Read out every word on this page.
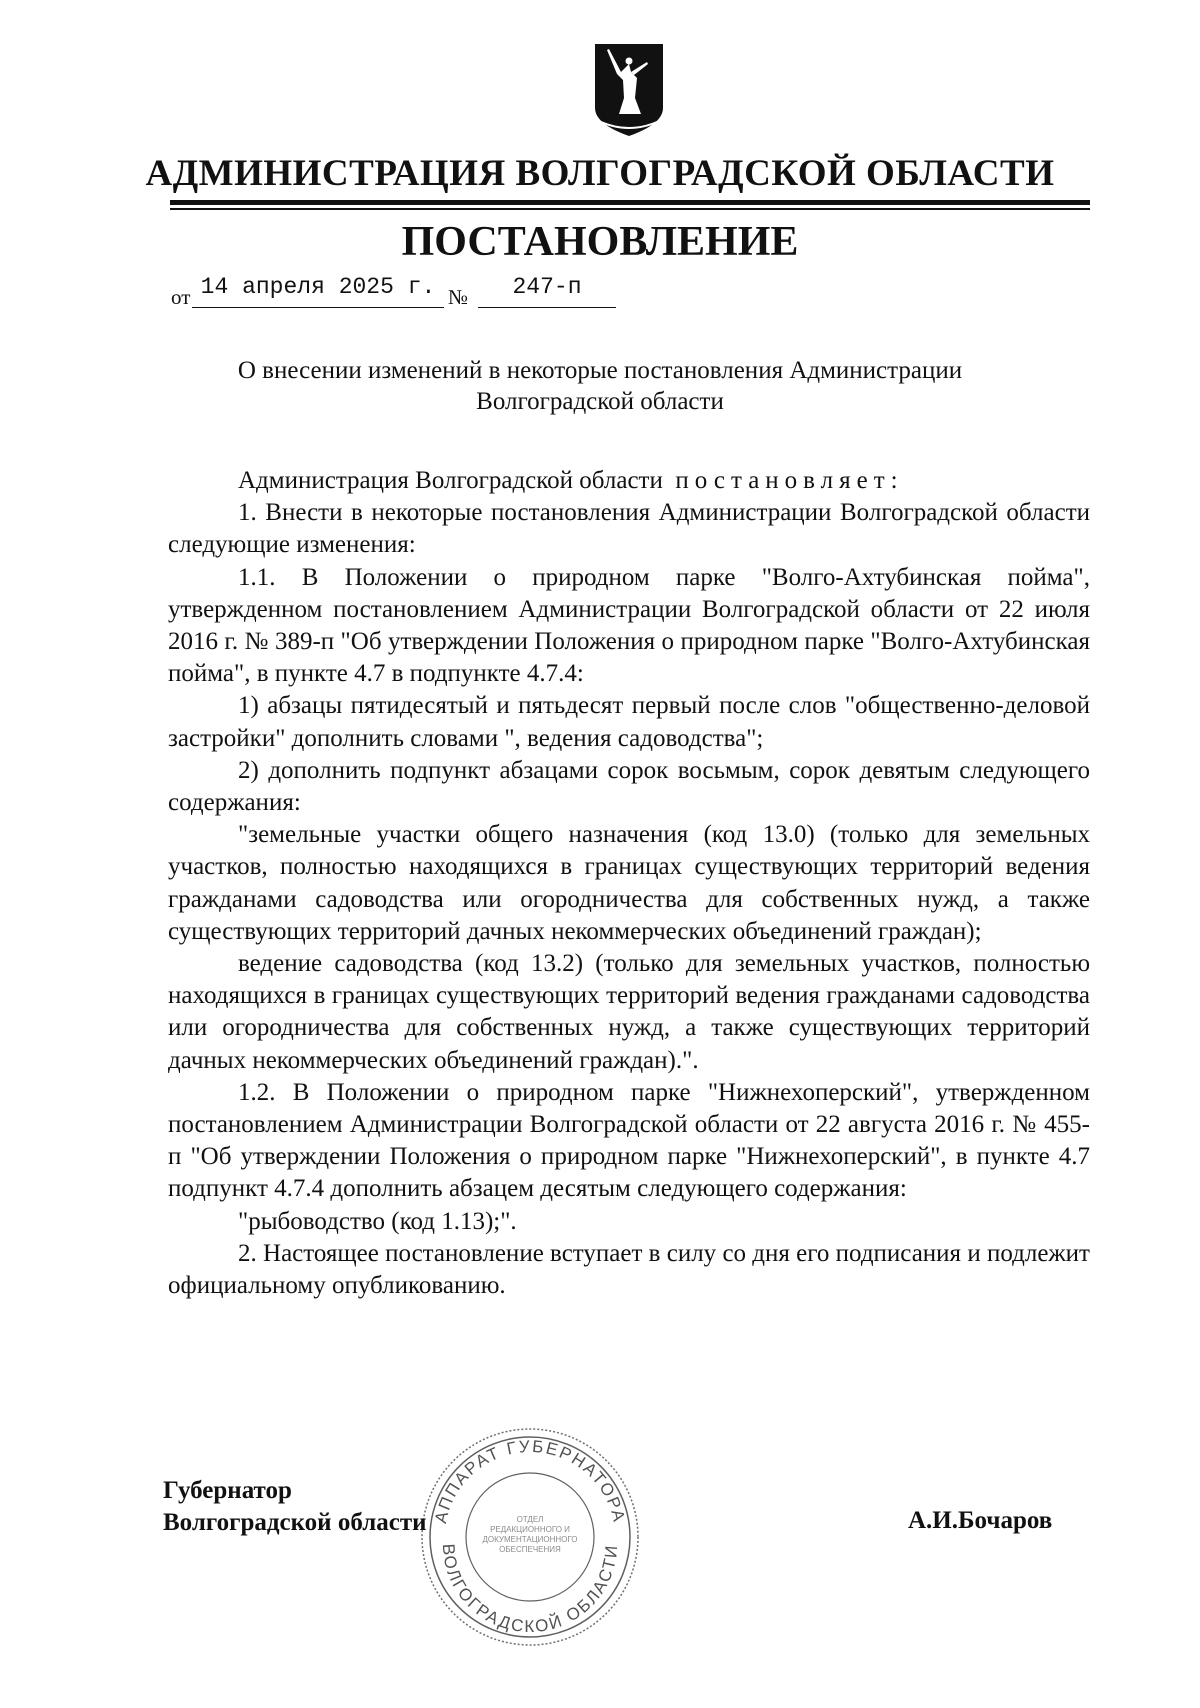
АДМИНИСТРАЦИЯ ВОЛГОГРАДСКОЙ ОБЛАСТИ
ПОСТАНОВЛЕНИЕ
от 14 апреля 2025 г. №	247-п
О внесении изменений в некоторые постановления Администрации
Волгоградской области

Администрация Волгоградской области постановляет:

1. Внести в некоторые постановления Администрации Волгоградской области следующие изменения:

1.1. В Положении о природном парке "Волго-Ахтубинская пойма", утвержденном постановлением Администрации Волгоградской области от 22 июля 2016 г. № 389-п "Об утверждении Положения о природном парке "Волго-Ахтубинская пойма", в пункте 4.7 в подпункте 4.7.4:

1) абзацы пятидесятый и пятьдесят первый после слов "общественно-деловой застройки" дополнить словами ", ведения садоводства";

2) дополнить подпункт абзацами сорок восьмым, сорок девятым следующего содержания:

"земельные участки общего назначения (код 13.0) (только для земельных участков, полностью находящихся в границах существующих территорий ведения гражданами садоводства или огородничества для собственных нужд, а также существующих территорий дачных некоммерческих объединений граждан);

ведение садоводства (код 13.2) (только для земельных участков, полностью находящихся в границах существующих территорий ведения гражданами садоводства или огородничества для собственных нужд, а также существующих территорий дачных некоммерческих объединений граждан).".

1.2. В Положении о природном парке "Нижнехоперский", утвержденном постановлением Администрации Волгоградской области от 22 августа 2016 г. № 455-п "Об утверждении Положения о природном парке "Нижнехоперский", в пункте 4.7 подпункт 4.7.4 дополнить абзацем десятым следующего содержания:

"рыбоводство (код 1.13);".

2. Настоящее постановление вступает в силу со дня его подписания и подлежит официальному опубликованию.

АППАРАТ ГУБЕРНАТОРА
ВОЛГОГРАДСКОЙ ОБЛАСТИ
ОТДЕЛ РЕДАКЦИОННОГО И ДОКУМЕНТАЦИОННОГО ОБЕСПЕЧЕНИЯ
Губернатор
Волгоградской области	А.И.Бочаров
